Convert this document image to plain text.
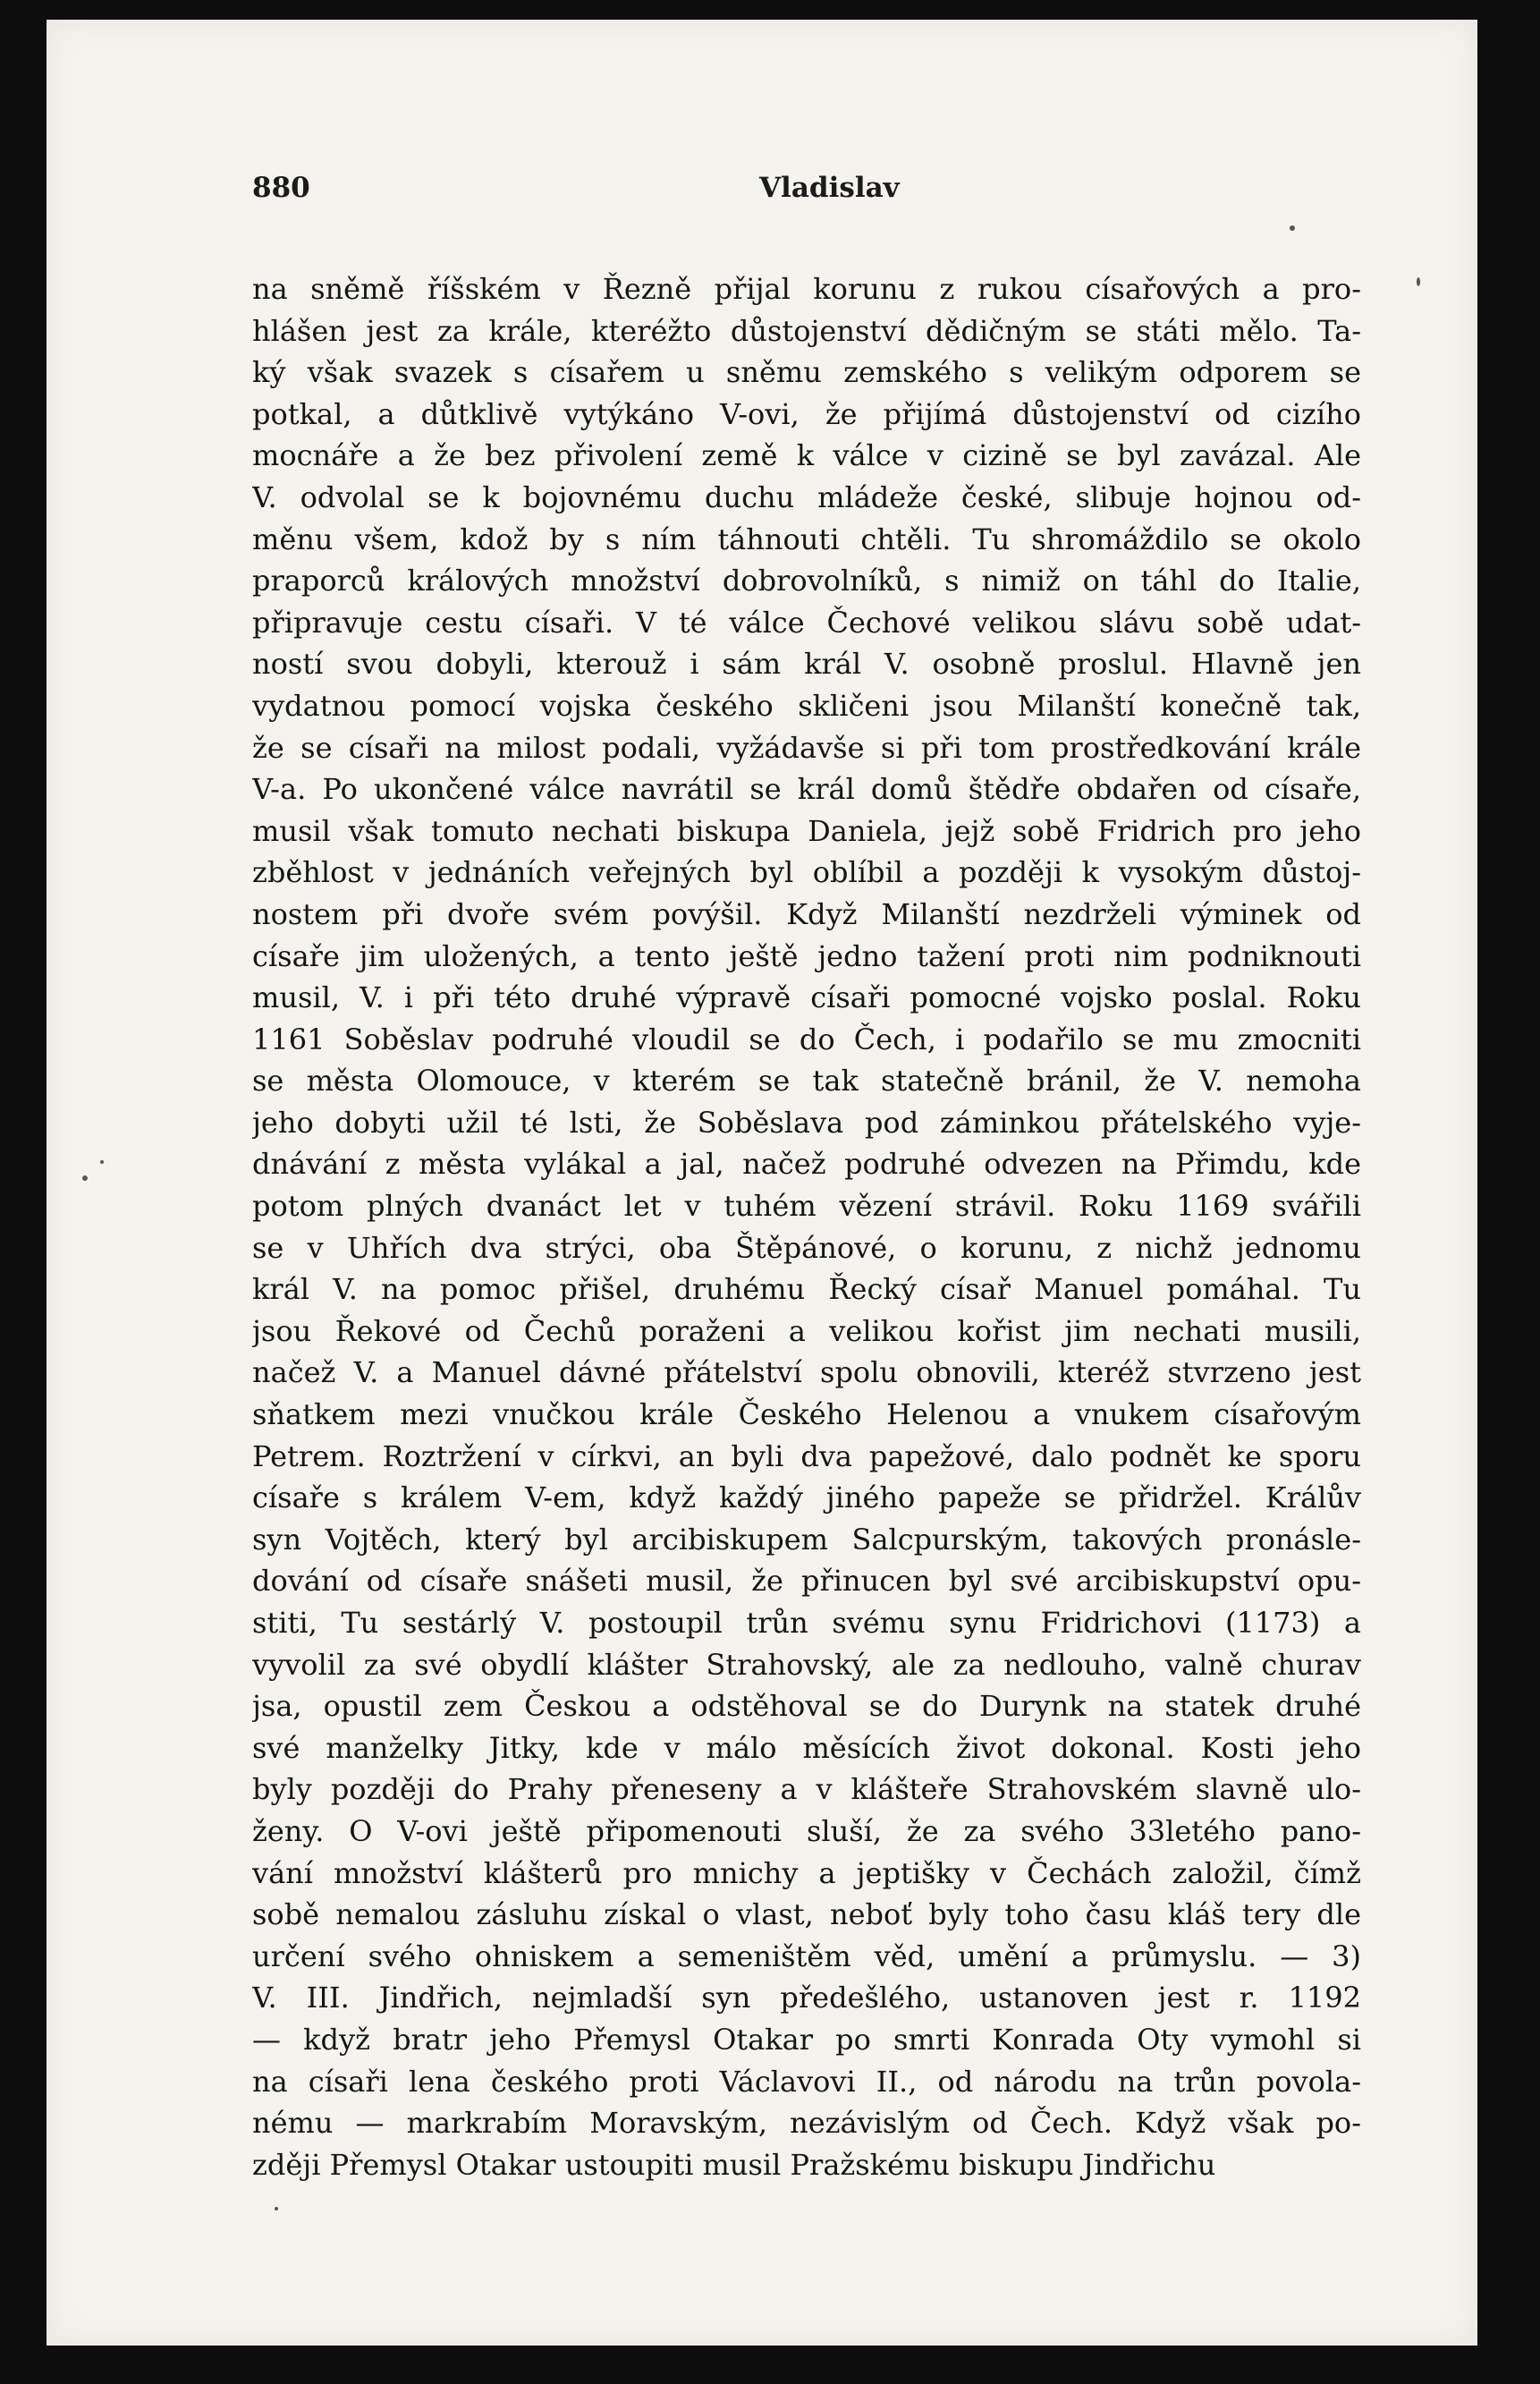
880	Vladislav
na sněmě říšském v Řezně přijal korunu z rukou císařových a pro-
hlášen jest za krále, kteréžto důstojenství dědičným se státi mělo. Ta-
ký však svazek s císařem u sněmu zemského s velikým odporem se
potkal, a důtklivě vytýkáno V-ovi, že přijímá důstojenství od cizího
mocnáře a že bez přivolení země k válce v cizině se byl zavázal. Ale
V. odvolal se k bojovnému duchu mládeže české, slibuje hojnou od-
měnu všem, kdož by s ním táhnouti chtěli. Tu shromáždilo se okolo
praporců králových množství dobrovolníků, s nimiž on táhl do Italie,
připravuje cestu císaři. V té válce Čechové velikou slávu sobě udat-
ností svou dobyli, kterouž i sám král V. osobně proslul. Hlavně jen
vydatnou pomocí vojska českého skličeni jsou Milanští konečně tak,
že se císaři na milost podali, vyžádavše si při tom prostředkování krále
V-a. Po ukončené válce navrátil se král domů štědře obdařen od císaře,
musil však tomuto nechati biskupa Daniela, jejž sobě Fridrich pro jeho
zběhlost v jednáních veřejných byl oblíbil a později k vysokým důstoj-
nostem při dvoře svém povýšil. Když Milanští nezdrželi výminek od
císaře jim uložených, a tento ještě jedno tažení proti nim podniknouti
musil, V. i při této druhé výpravě císaři pomocné vojsko poslal. Roku
1161 Soběslav podruhé vloudil se do Čech, i podařilo se mu zmocniti
se města Olomouce, v kterém se tak statečně bránil, že V. nemoha
jeho dobyti užil té lsti, že Soběslava pod záminkou přátelského vyje-
dnávání z města vylákal a jal, načež podruhé odvezen na Přimdu, kde
potom plných dvanáct let v tuhém vězení strávil. Roku 1169 svářili
se v Uhřích dva strýci, oba Štěpánové, o korunu, z nichž jednomu
král V. na pomoc přišel, druhému Řecký císař Manuel pomáhal. Tu
jsou Řekové od Čechů poraženi a velikou kořist jim nechati musili,
načež V. a Manuel dávné přátelství spolu obnovili, kteréž stvrzeno jest
sňatkem mezi vnučkou krále Českého Helenou a vnukem císařovým
Petrem. Roztržení v církvi, an byli dva papežové, dalo podnět ke sporu
císaře s králem V-em, když každý jiného papeže se přidržel. Králův
syn Vojtěch, který byl arcibiskupem Salcpurským, takových pronásle-
dování od císaře snášeti musil, že přinucen byl své arcibiskupství opu-
stiti, Tu sestárlý V. postoupil trůn svému synu Fridrichovi (1173) a
vyvolil za své obydlí klášter Strahovský, ale za nedlouho, valně churav
jsa, opustil zem Českou a odstěhoval se do Durynk na statek druhé
své manželky Jitky, kde v málo měsících život dokonal. Kosti jeho
byly později do Prahy přeneseny a v klášteře Strahovském slavně ulo-
ženy. O V-ovi ještě připomenouti sluší, že za svého 33letého pano-
vání množství klášterů pro mnichy a jeptišky v Čechách založil, čímž
sobě nemalou zásluhu získal o vlast, neboť byly toho času kláš tery dle
určení svého ohniskem a semeništěm věd, umění a průmyslu. — 3)
V. III. Jindřich, nejmladší syn předešlého, ustanoven jest r. 1192
— když bratr jeho Přemysl Otakar po smrti Konrada Oty vymohl si
na císaři lena českého proti Václavovi II., od národu na trůn povola-
nému — markrabím Moravským, nezávislým od Čech. Když však po-
zději Přemysl Otakar ustoupiti musil Pražskému biskupu Jindřichu
